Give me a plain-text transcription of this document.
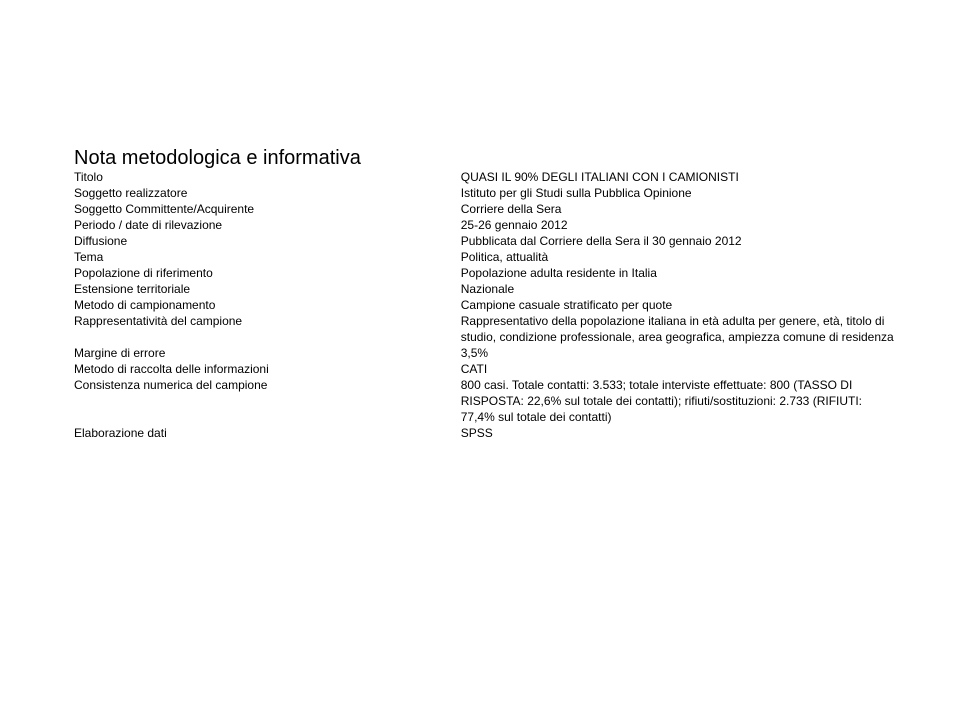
Nota metodologica e informativa
Titolo	QUASI IL 90% DEGLI ITALIANI CON I CAMIONISTI
Soggetto realizzatore	Istituto per gli Studi sulla Pubblica Opinione
Soggetto Committente/Acquirente	Corriere della Sera
Periodo / date di rilevazione	25-26 gennaio 2012
Diffusione	Pubblicata dal Corriere della Sera il 30 gennaio 2012
Tema	Politica, attualità
Popolazione di riferimento	Popolazione adulta residente in Italia
Estensione territoriale	Nazionale
Metodo di campionamento	Campione casuale stratificato per quote
Rappresentatività del campione	Rappresentativo della popolazione italiana in età adulta per genere, età, titolo di studio, condizione professionale, area geografica, ampiezza comune di residenza
Margine di errore	3,5%
Metodo di raccolta delle informazioni	CATI
Consistenza numerica del campione	800 casi. Totale contatti: 3.533; totale interviste effettuate: 800 (TASSO DI RISPOSTA: 22,6% sul totale dei contatti); rifiuti/sostituzioni: 2.733 (RIFIUTI: 77,4% sul totale dei contatti)
Elaborazione dati	SPSS
